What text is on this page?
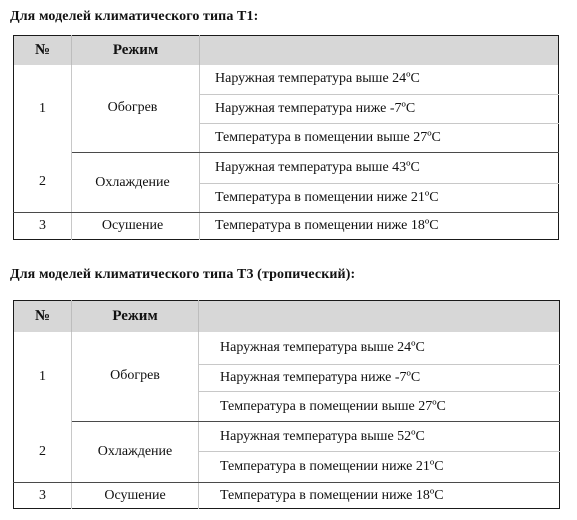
Для моделей климатического типа Т1:
№	Режим	
1	Обогрев	Наружная температура выше 24ºC
		Наружная температура ниже -7ºC
		Температура в помещении выше 27ºC
2	Охлаждение	Наружная температура выше 43ºC
		Температура в помещении ниже 21ºC
3	Осушение	Температура в помещении ниже 18ºC
Для моделей климатического типа Т3 (тропический):
№	Режим	
1	Обогрев	Наружная температура выше 24ºC
		Наружная температура ниже -7ºC
		Температура в помещении выше 27ºC
2	Охлаждение	Наружная температура выше 52ºC
		Температура в помещении ниже 21ºC
3	Осушение	Температура в помещении ниже 18ºC
